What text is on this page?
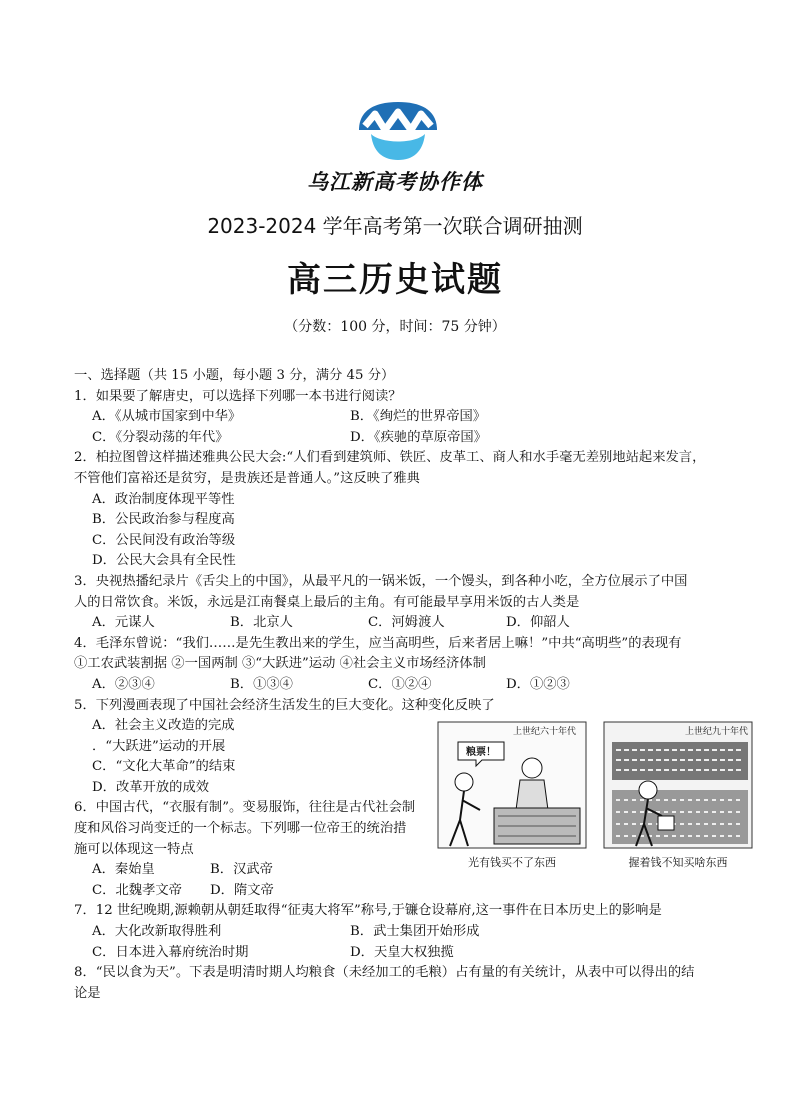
乌江新高考协作体
2023-2024 学年高考第一次联合调研抽测
高三历史试题
（分数：100 分，时间：75 分钟）
一、选择题（共 15 小题，每小题 3 分，满分 45 分）
1．如果要了解唐史，可以选择下列哪一本书进行阅读？
A．《从城市国家到中华》	B．《绚烂的世界帝国》
C．《分裂动荡的年代》	D．《疾驰的草原帝国》
2．柏拉图曾这样描述雅典公民大会:“人们看到建筑师、铁匠、皮革工、商人和水手毫无差别地站起来发言，
不管他们富裕还是贫穷，是贵族还是普通人。”这反映了雅典
A．政治制度体现平等性
B．公民政治参与程度高
C．公民间没有政治等级
D．公民大会具有全民性
3．央视热播纪录片《舌尖上的中国》，从最平凡的一锅米饭，一个馒头，到各种小吃，全方位展示了中国
人的日常饮食。米饭，永远是江南餐桌上最后的主角。有可能最早享用米饭的古人类是
A．元谋人	B．北京人	C．河姆渡人	D．仰韶人
4．毛泽东曾说：“我们……是先生教出来的学生，应当高明些，后来者居上嘛！”中共“高明些”的表现有
①工农武装割据 ②一国两制 ③“大跃进”运动 ④社会主义市场经济体制
A．②③④	B．①③④	C．①②④	D．①②③
5．下列漫画表现了中国社会经济生活发生的巨大变化。这种变化反映了
A．社会主义改造的完成
．“大跃进”运动的开展
C．“文化大革命”的结束
D．改革开放的成效
6．中国古代，“衣服有制”。变易服饰，往往是古代社会制
度和风俗习尚变迁的一个标志。下列哪一位帝王的统治措
施可以体现这一特点
A．秦始皇	B．汉武帝
C．北魏孝文帝	D．隋文帝
7．12 世纪晚期,源赖朝从朝廷取得“征夷大将军”称号,于镰仓设幕府,这一事件在日本历史上的影响是
A．大化改新取得胜利	B．武士集团开始形成
C．日本进入幕府统治时期	D．天皇大权独揽
8．“民以食为天”。下表是明清时期人均粮食（未经加工的毛粮）占有量的有关统计，从表中可以得出的结
论是
上世纪六十年代
粮票！
上世纪九十年代
光有钱买不了东西	握着钱不知买啥东西
